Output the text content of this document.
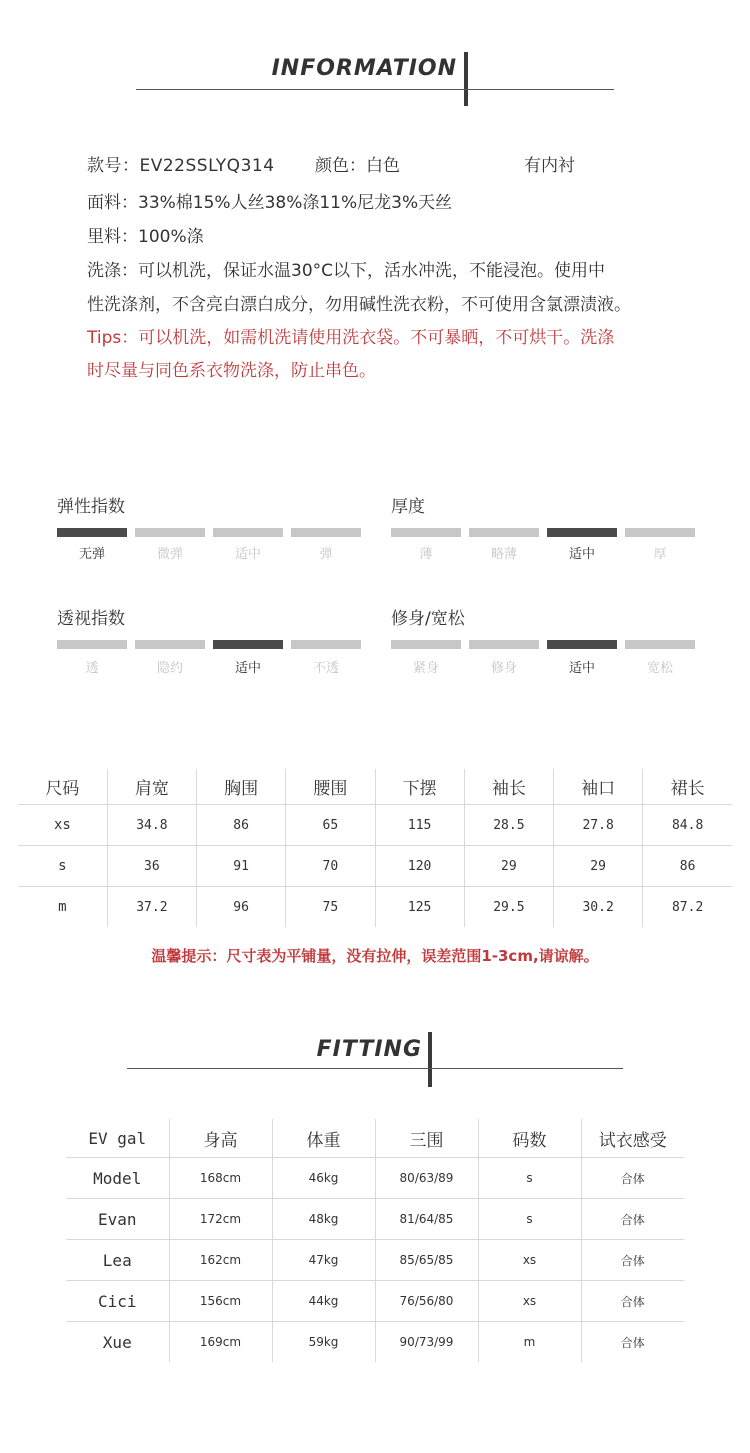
INFORMATION
款号：EV22SSLYQ314 颜色：白色	有内衬
面料：33%棉15%人丝38%涤11%尼龙3%天丝
里料：100%涤
洗涤：可以机洗，保证水温30°C以下，活水冲洗，不能浸泡。使用中
性洗涤剂，不含亮白漂白成分，勿用碱性洗衣粉，不可使用含氯漂渍液。
Tips：可以机洗，如需机洗请使用洗衣袋。不可暴晒，不可烘干。洗涤
时尽量与同色系衣物洗涤，防止串色。
弹性指数
无弹	微弹	适中	弹
厚度
薄	略薄	适中	厚
透视指数
透	隐约	适中	不透
修身/宽松
紧身	修身	适中	宽松
尺码	肩宽	胸围	腰围	下摆	袖长	袖口	裙长
xs	34.8	86	65	115	28.5	27.8	84.8
s	36	91	70	120	29	29	86
m	37.2	96	75	125	29.5	30.2	87.2
温馨提示：尺寸表为平铺量，没有拉伸，误差范围1-3cm,请谅解。
FITTING
EV gal	身高	体重	三围	码数	试衣感受
Model	168cm	46kg	80/63/89	s	合体
Evan	172cm	48kg	81/64/85	s	合体
Lea	162cm	47kg	85/65/85	xs	合体
Cici	156cm	44kg	76/56/80	xs	合体
Xue	169cm	59kg	90/73/99	m	合体
